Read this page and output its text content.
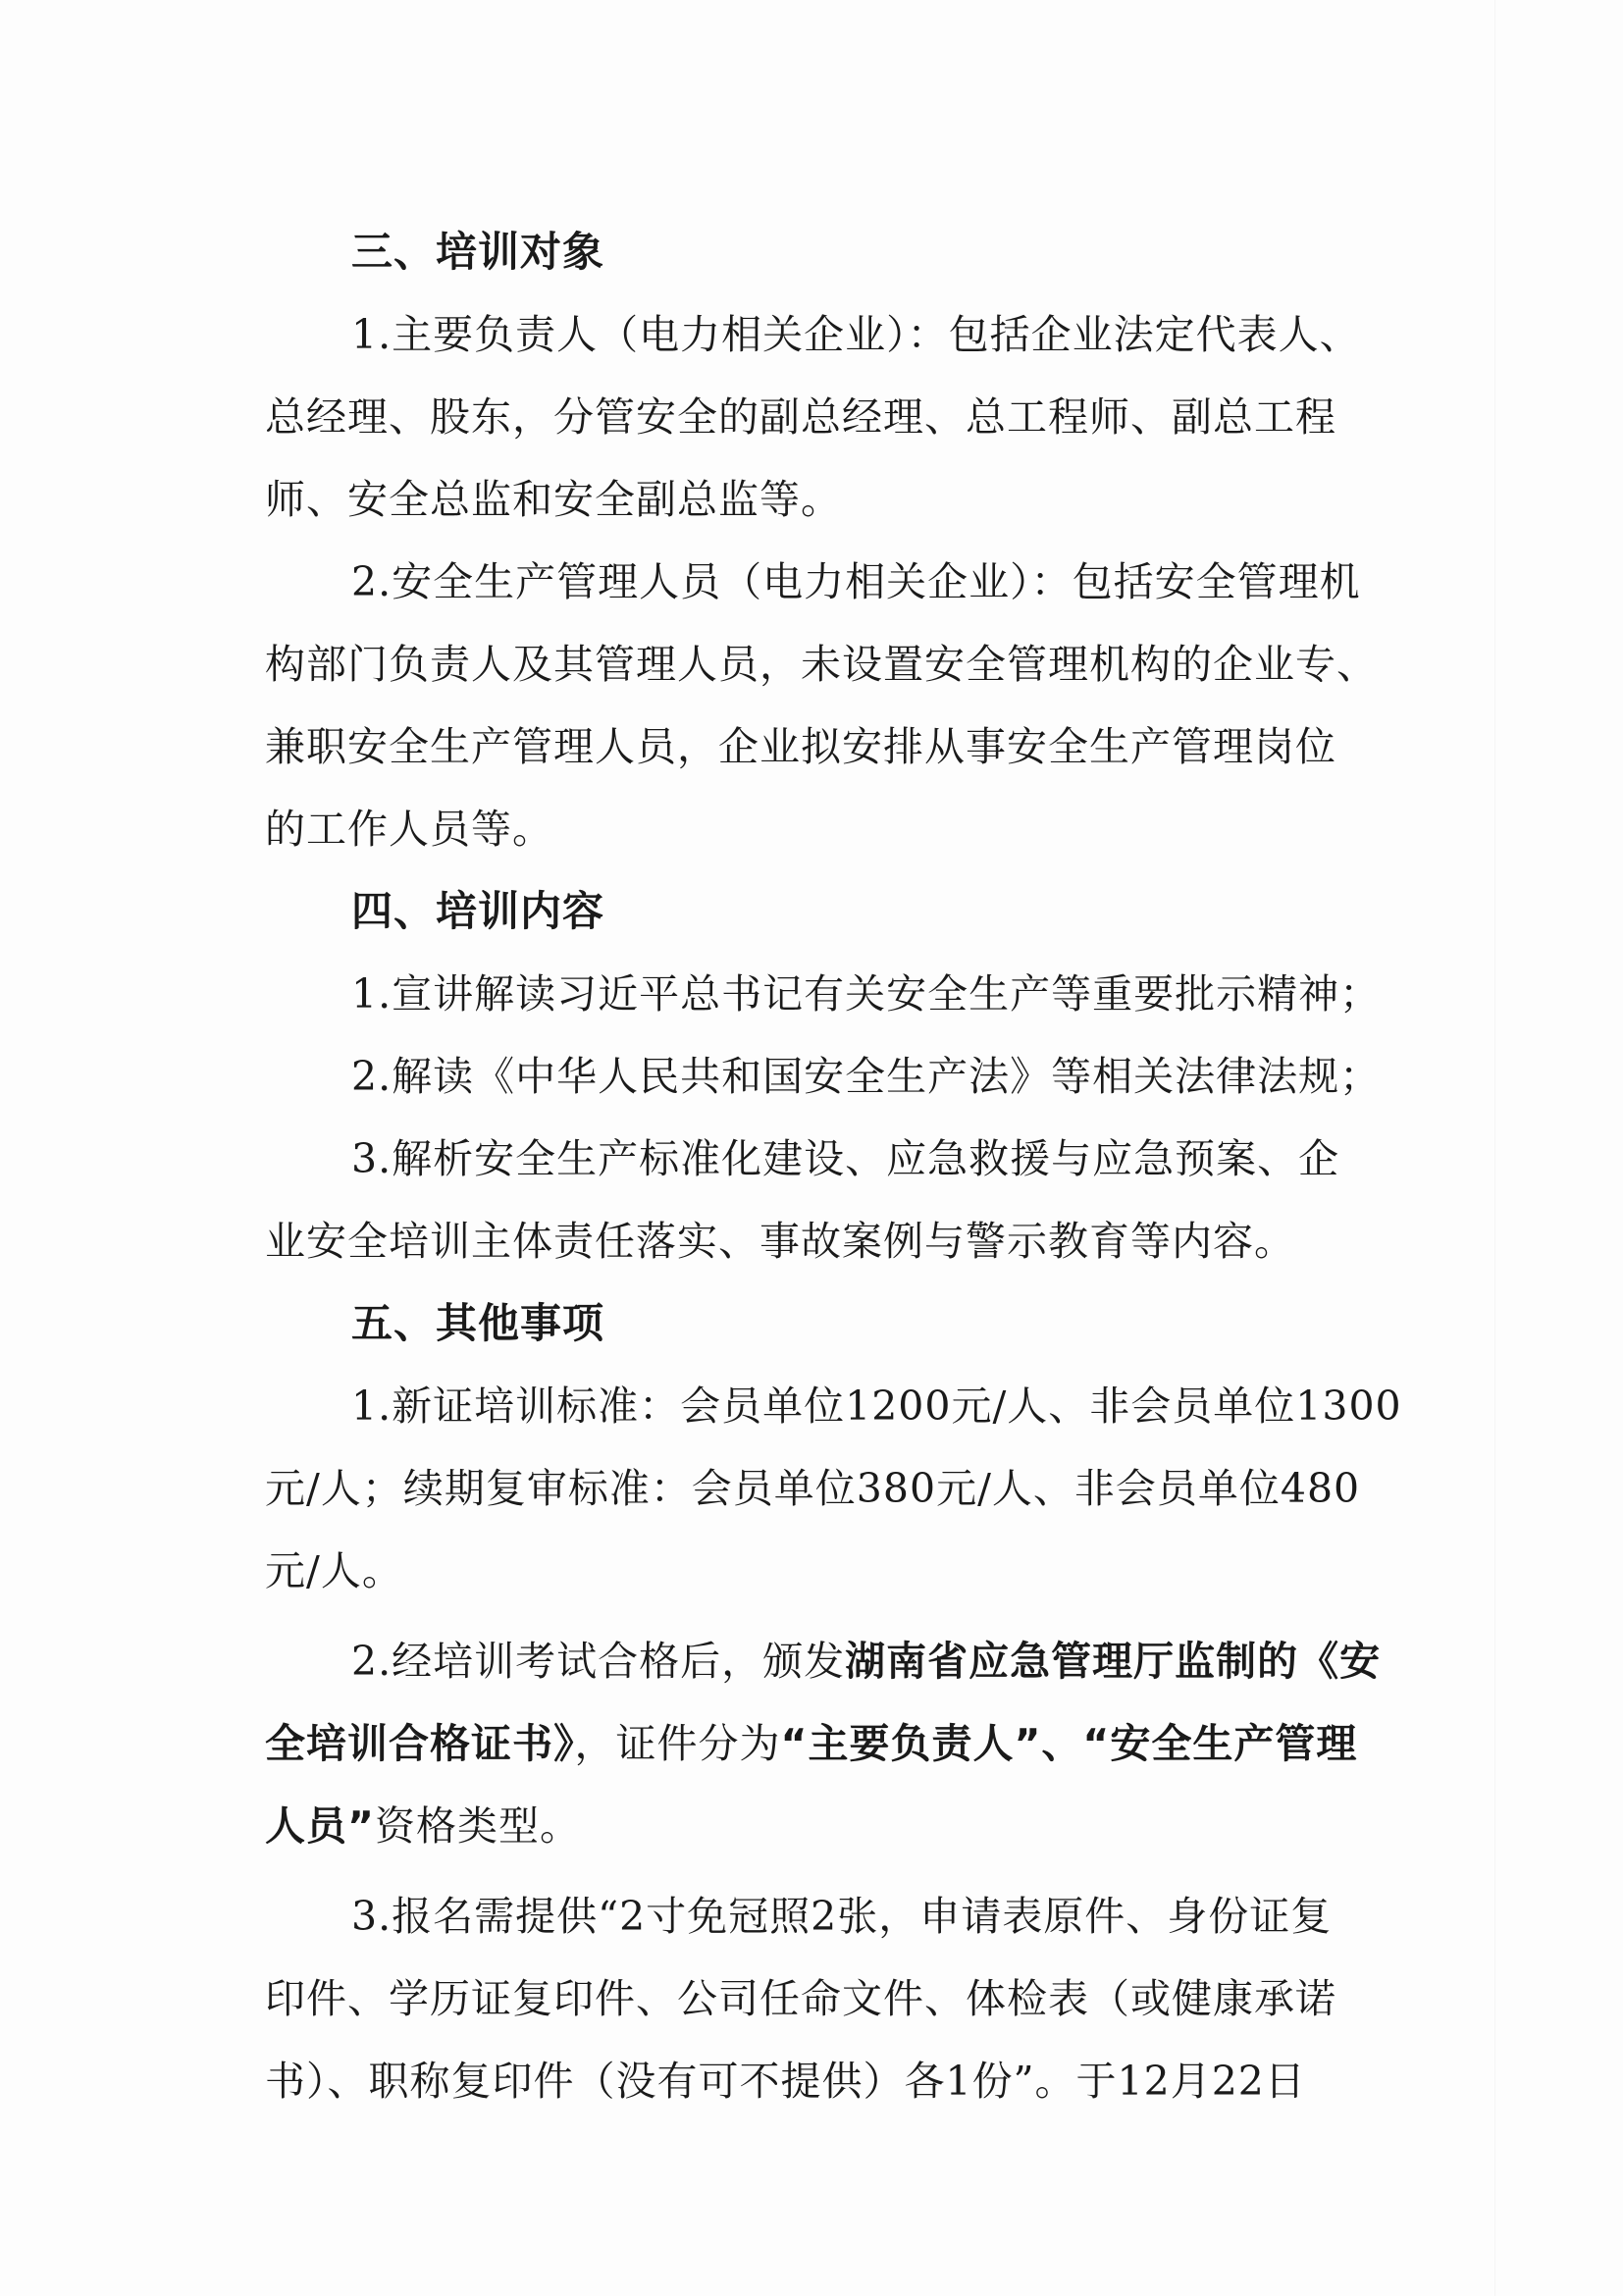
三、培训对象
1.主要负责人（电力相关企业）：包括企业法定代表人、
总经理、股东，分管安全的副总经理、总工程师、副总工程
师、安全总监和安全副总监等。
2.安全生产管理人员（电力相关企业）：包括安全管理机
构部门负责人及其管理人员，未设置安全管理机构的企业专、
兼职安全生产管理人员，企业拟安排从事安全生产管理岗位
的工作人员等。
四、培训内容
1.宣讲解读习近平总书记有关安全生产等重要批示精神；
2.解读《中华人民共和国安全生产法》等相关法律法规；
3.解析安全生产标准化建设、应急救援与应急预案、企
业安全培训主体责任落实、事故案例与警示教育等内容。
五、其他事项
1.新证培训标准：会员单位1200元/人、非会员单位1300
元/人；续期复审标准：会员单位380元/人、非会员单位480
元/人。
2.经培训考试合格后，颁发湖南省应急管理厅监制的《安
全培训合格证书》，证件分为“主要负责人”、“安全生产管理
人员”资格类型。
3.报名需提供“2寸免冠照2张，申请表原件、身份证复
印件、学历证复印件、公司任命文件、体检表（或健康承诺
书）、职称复印件（没有可不提供）各1份”。于12月22日
